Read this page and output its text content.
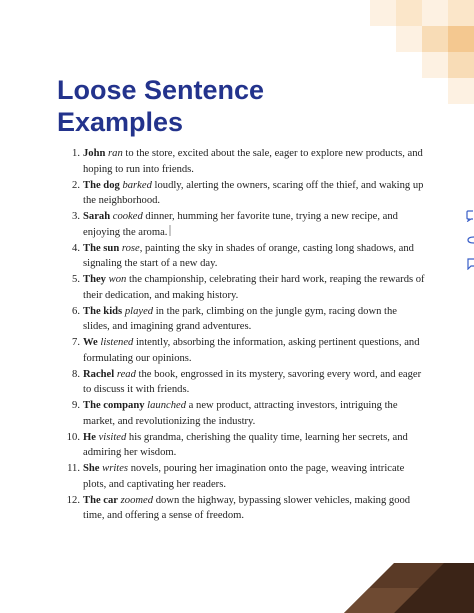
Loose Sentence
Examples
1. John ran to the store, excited about the sale, eager to explore new products, and hoping to run into friends.
2. The dog barked loudly, alerting the owners, scaring off the thief, and waking up the neighborhood.
3. Sarah cooked dinner, humming her favorite tune, trying a new recipe, and enjoying the aroma.
4. The sun rose, painting the sky in shades of orange, casting long shadows, and signaling the start of a new day.
5. They won the championship, celebrating their hard work, reaping the rewards of their dedication, and making history.
6. The kids played in the park, climbing on the jungle gym, racing down the slides, and imagining grand adventures.
7. We listened intently, absorbing the information, asking pertinent questions, and formulating our opinions.
8. Rachel read the book, engrossed in its mystery, savoring every word, and eager to discuss it with friends.
9. The company launched a new product, attracting investors, intriguing the market, and revolutionizing the industry.
10. He visited his grandma, cherishing the quality time, learning her secrets, and admiring her wisdom.
11. She writes novels, pouring her imagination onto the page, weaving intricate plots, and captivating her readers.
12. The car zoomed down the highway, bypassing slower vehicles, making good time, and offering a sense of freedom.
